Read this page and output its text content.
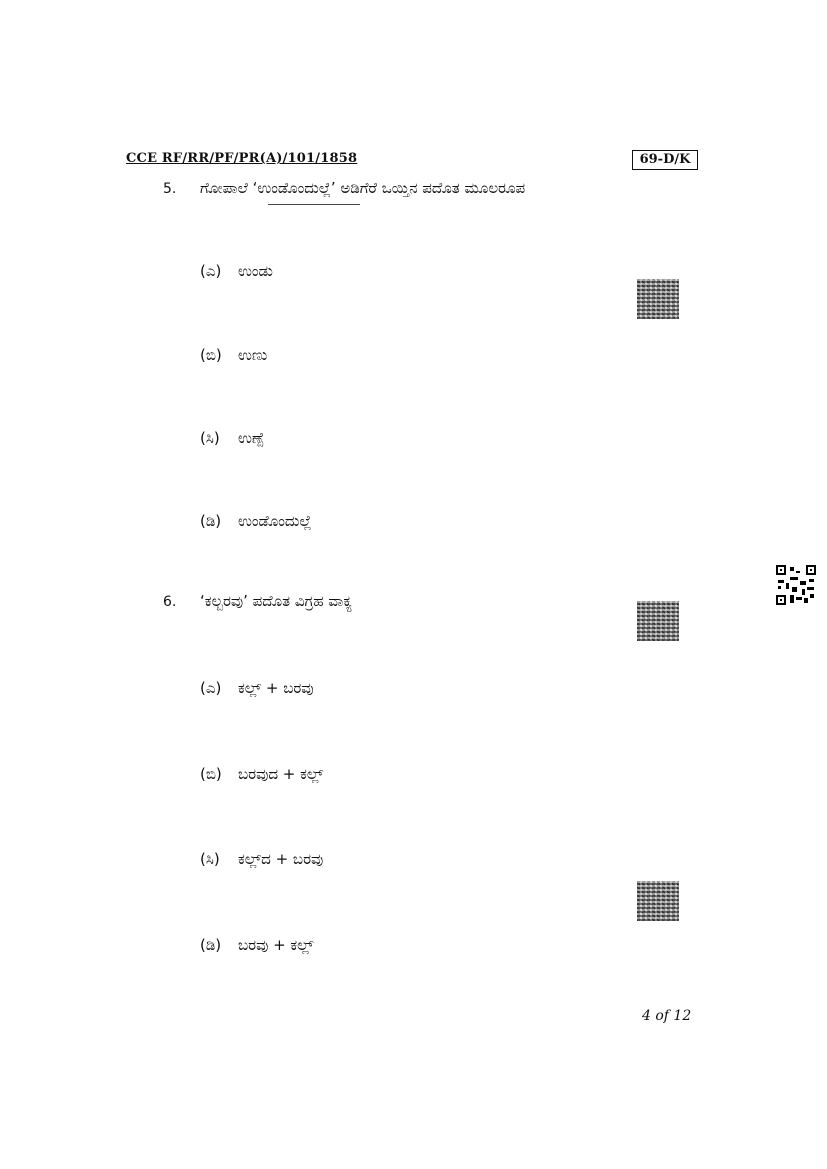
CCE RF/RR/PF/PR(A)/101/1858	69-D/K
5. ಗೋಪಾಲೆ ‘ಉಂಡೊಂದುಲ್ಲೆ’ ಅಡಿಗೆರೆ ಒಯ್ತಿನ ಪದೊತ ಮೂಲರೂಪ
(ಎ) ಉಂಡು
(ಬಿ) ಉಣು
(ಸಿ) ಉಣ್ಪೆ
(ಡಿ) ಉಂಡೊಂದುಲ್ಲೆ
6. ‘ಕಲ್ಬರವು’ ಪದೊತ ವಿಗ್ರಹ ವಾಕ್ಯ
(ಎ) ಕಲ್ಲ್ + ಬರವು
(ಬಿ) ಬರವುದ + ಕಲ್ಲ್
(ಸಿ) ಕಲ್ಲ್‌ದ + ಬರವು
(ಡಿ) ಬರವು + ಕಲ್ಲ್
4 of 12
